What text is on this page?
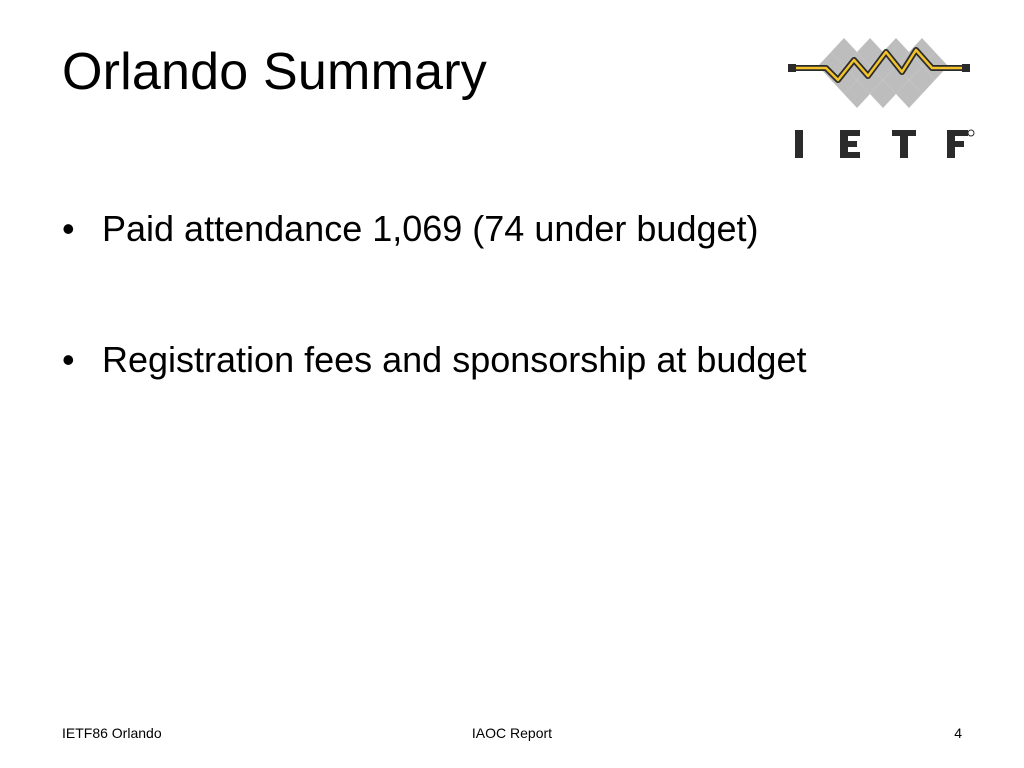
Orlando Summary
• Paid attendance 1,069 (74 under budget)
• Registration fees and sponsorship at budget
IETF86 Orlando	IAOC Report	4
